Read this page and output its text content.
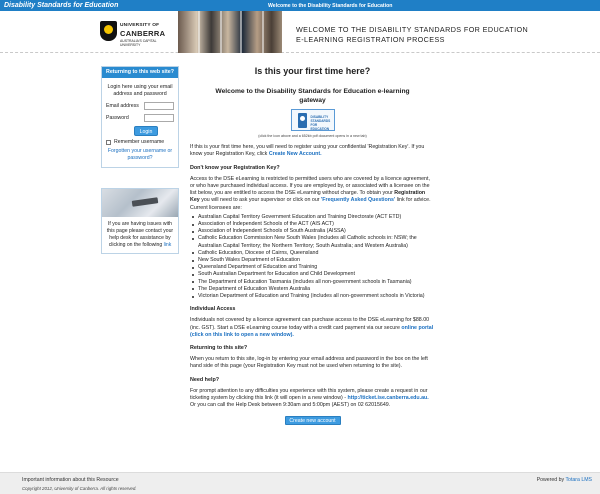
Disability Standards for Education	Welcome to the Disability Standards for Education
UNIVERSITY OF
CANBERRA
AUSTRALIA'S CAPITAL UNIVERSITY
WELCOME TO THE DISABILITY STANDARDS FOR EDUCATION
E-LEARNING REGISTRATION PROCESS
Returning to this web site?
Login here using your email address and password
Email address
Password
Login
Remember username
Forgotten your username or password?
If you are having issues with this page please contact your help desk for assistance by clicking on the following link
Is this your first time here?
Welcome to the Disability Standards for Education e-learning gateway
DISABILITY STANDARDS FOR EDUCATION
(click the icon above and a 652kb pdf document opens in a new tab)

If this is your first time here, you will need to register using your confidential 'Registration Key'. If you know your Registration Key, click Create New Account.

Don't know your Registration Key?

Access to the DSE eLearning is restricted to permitted users who are covered by a licence agreement, or who have purchased individual access. If you are employed by, or associated with a licensee on the list below, you are entitled to access the DSE eLearning without charge. To obtain your Registration Key you will need to ask your supervisor or click on our 'Frequently Asked Questions' link for advice. Current licensees are:

Australian Capital Territory Government Education and Training Directorate (ACT ETD)
Association of Independent Schools of the ACT (AIS ACT)
Association of Independent Schools of South Australia (AISSA)
Catholic Education Commission New South Wales (includes all Catholic schools in: NSW; the Australian Capital Territory; the Northern Territory; South Australia; and Western Australia)
Catholic Education, Diocese of Cairns, Queensland
New South Wales Department of Education
Queensland Department of Education and Training
South Australian Department for Education and Child Development
The Department of Education Tasmania (includes all non-government schools in Tasmania)
The Department of Education Western Australia
Victorian Department of Education and Training (includes all non-government schools in Victoria)
Individual Access

Individuals not covered by a licence agreement can purchase access to the DSE eLearning for $88.00 (inc. GST). Start a DSE eLearning course today with a credit card payment via our secure online portal (click on this link to open a new window).

Returning to this site?

When you return to this site, log-in by entering your email address and password in the box on the left hand side of this page (your Registration Key must not be used when returning to the site).

Need help?

For prompt attention to any difficulties you experience with this system, please create a request in our ticketing system by clicking this link (it will open in a new window) - http://ticket.ise.canberra.edu.au. Or you can call the Help Desk between 9:30am and 5:00pm (AEST) on 02 62015649.

Create new account
Important information about this Resource
Copyright 2012, University of Canberra. All rights reserved.
Powered by Totara LMS
